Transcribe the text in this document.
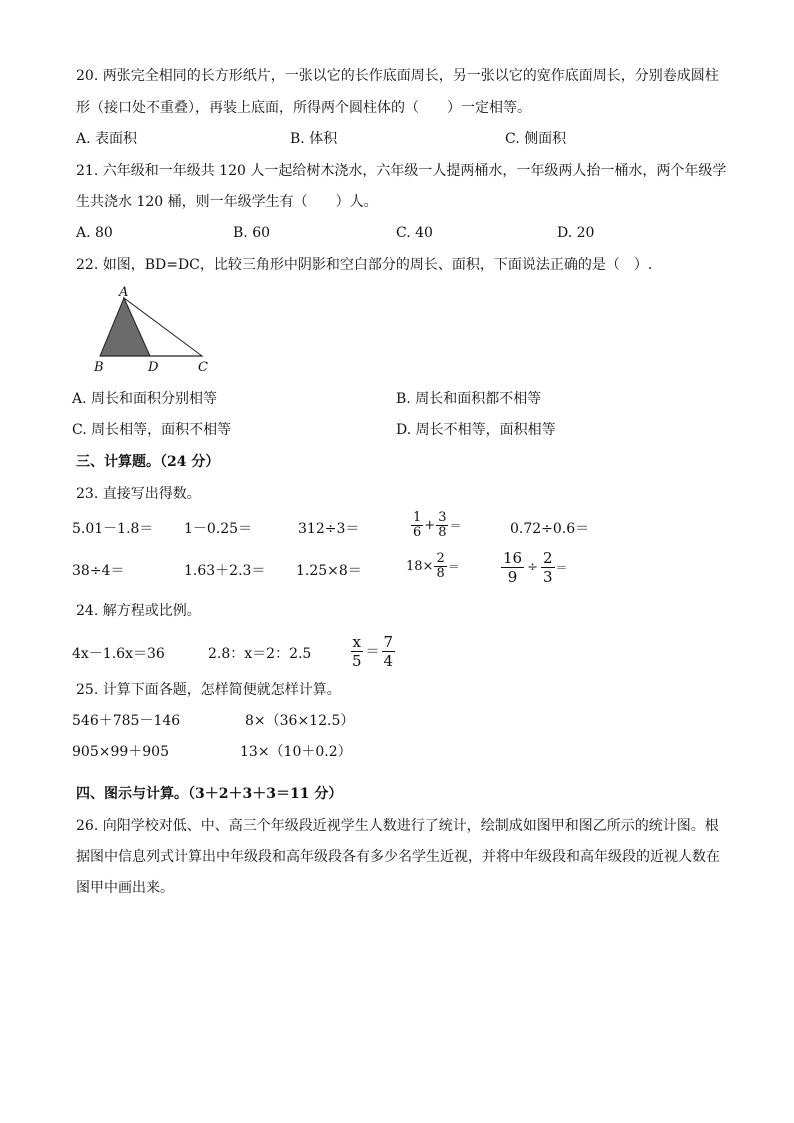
20. 两张完全相同的长方形纸片，一张以它的长作底面周长，另一张以它的宽作底面周长，分别卷成圆柱
形（接口处不重叠），再装上底面，所得两个圆柱体的（　　）一定相等。
A. 表面积	B. 体积	C. 侧面积
21. 六年级和一年级共 120 人一起给树木浇水，六年级一人提两桶水，一年级两人抬一桶水，两个年级学
生共浇水 120 桶，则一年级学生有（　　）人。
A. 80	B. 60	C. 40	D. 20
22. 如图，BD=DC，比较三角形中阴影和空白部分的周长、面积，下面说法正确的是（　）.
A
B	D	C
A. 周长和面积分别相等	B. 周长和面积都不相等
C. 周长相等，面积不相等	D. 周长不相等，面积相等
三、计算题。（24 分）
23. 直接写出得数。
5.01－1.8＝ 1－0.25＝	312÷3＝	$\frac{1}{6} + \frac{3}{8}$ ＝	0.72÷0.6＝
38÷4＝	1.63＋2.3＝ 1.25×8＝	$18\times \frac{2}{8}$ ＝	$\frac{16}{9} \div \frac{2}{3}$ ＝
24. 解方程或比例。
4x－1.6x＝36	2.8：x＝2：2.5	$\frac{x}{5} = \frac{7}{4}$
25. 计算下面各题，怎样简便就怎样计算。
546＋785－146	8×（36×12.5）
905×99＋905	13×（10＋0.2）
四、图示与计算。（3＋2＋3＋3＝11 分）
26. 向阳学校对低、中、高三个年级段近视学生人数进行了统计，绘制成如图甲和图乙所示的统计图。根
据图中信息列式计算出中年级段和高年级段各有多少名学生近视，并将中年级段和高年级段的近视人数在
图甲中画出来。
